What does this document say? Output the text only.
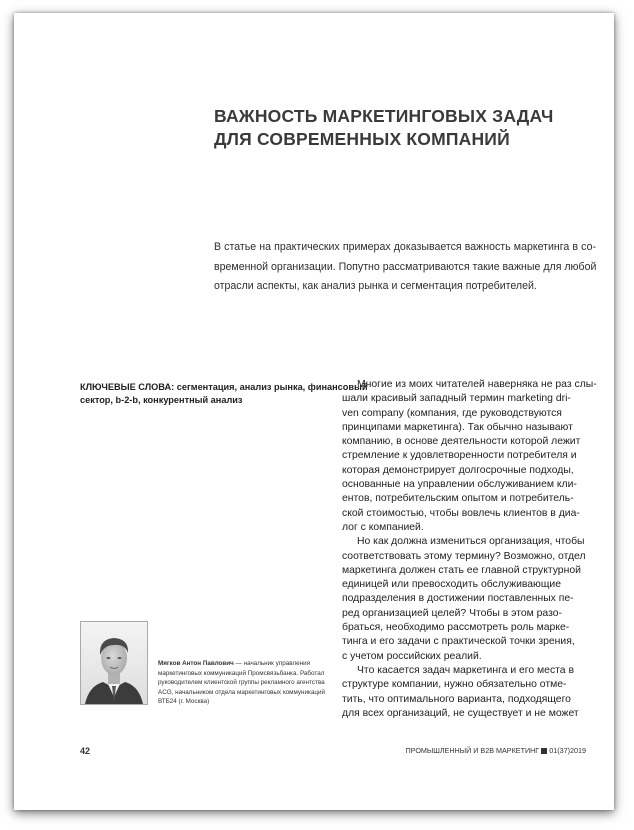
ВАЖНОСТЬ МАРКЕТИНГОВЫХ ЗАДАЧ
ДЛЯ СОВРЕМЕННЫХ КОМПАНИЙ
В статье на практических примерах доказывается важность маркетинга в со-
временной организации. Попутно рассматриваются такие важные для любой
отрасли аспекты, как анализ рынка и сегментация потребителей.
КЛЮЧЕВЫЕ СЛОВА: сегментация, анализ рынка, финансовый
сектор, b-2-b, конкурентный анализ
Многие из моих читателей наверняка не раз слы-
шали красивый западный термин marketing dri-
ven company (компания, где руководствуются
принципами маркетинга). Так обычно называют
компанию, в основе деятельности которой лежит
стремление к удовлетворенности потребителя и
которая демонстрирует долгосрочные подходы,
основанные на управлении обслуживанием кли-
ентов, потребительским опытом и потребитель-
ской стоимостью, чтобы вовлечь клиентов в диа-
лог с компанией.
Но как должна измениться организация, чтобы
соответствовать этому термину? Возможно, отдел
маркетинга должен стать ее главной структурной
единицей или превосходить обслуживающие
подразделения в достижении поставленных пе-
ред организацией целей? Чтобы в этом разо-
браться, необходимо рассмотреть роль марке-
тинга и его задачи с практической точки зрения,
с учетом российских реалий.
Что касается задач маркетинга и его места в
структуре компании, нужно обязательно отме-
тить, что оптимального варианта, подходящего
для всех организаций, не существует и не может
Мягков Антон Павлович — начальник управления
маркетинговых коммуникаций Промсвязьбанка. Работал
руководителем клиентской группы рекламного агентства
ACG, начальником отдела маркетинговых коммуникаций
ВТБ24 (г. Москва)
42	ПРОМЫШЛЕННЫЙ И B2B МАРКЕТИНГ 01(37)2019
